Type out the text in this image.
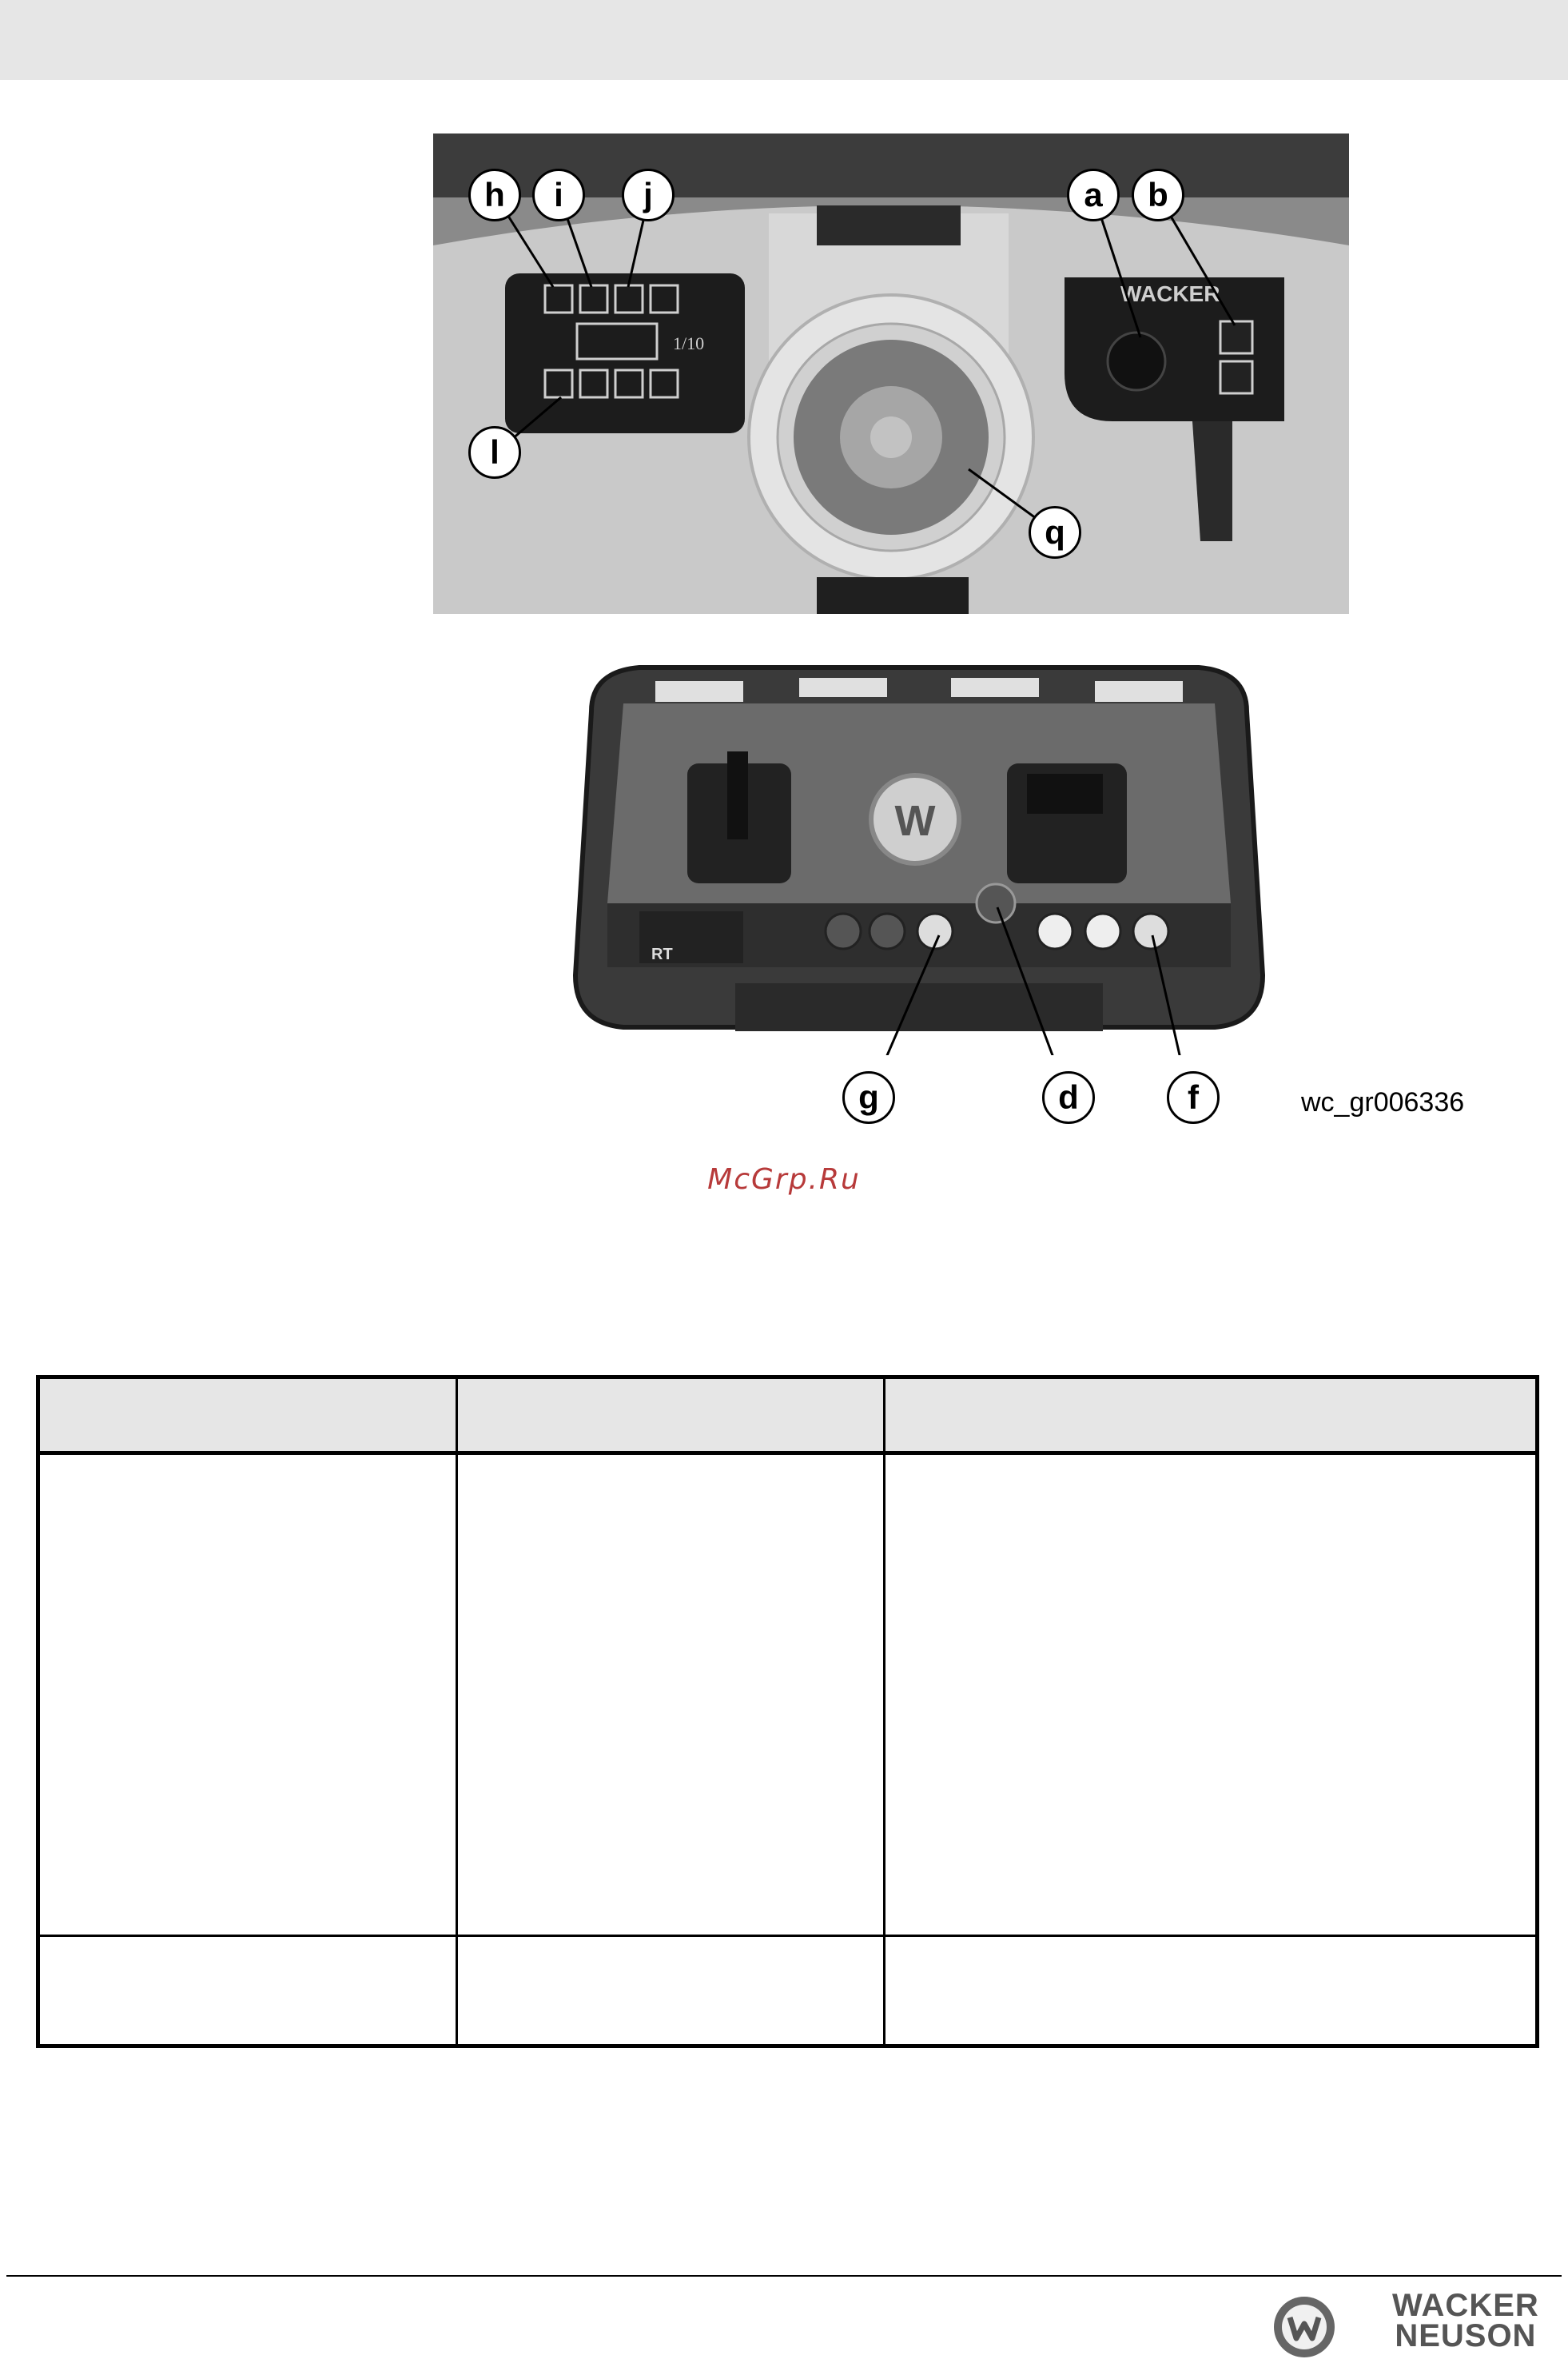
1/10
WACKER
h	i	j	a	b
l
q
W
RT
g	d	f	wc_gr006336
McGrp.Ru
WACKER
NEUSON
